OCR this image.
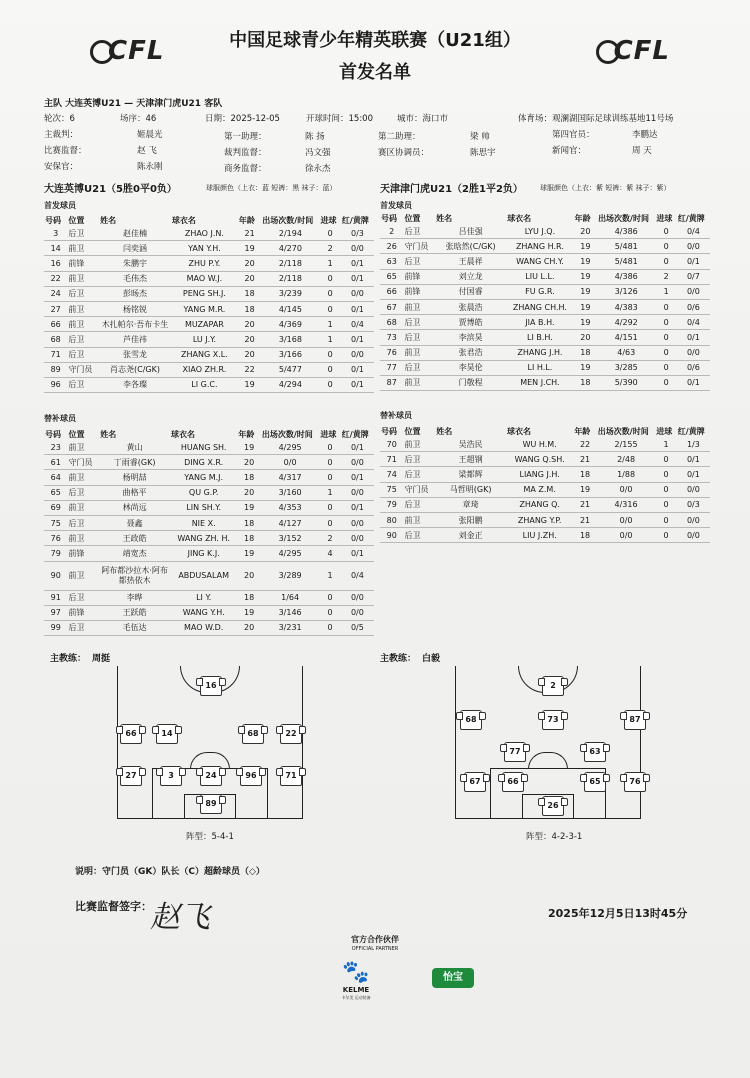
CFL	CFL
中国足球青少年精英联赛（U21组）
首发名单
主队 大连英博U21 — 天津津门虎U21 客队
轮次：6	场序：46	日期：2025-12-05	开球时间：15:00	城市：海口市	体育场：观澜湖国际足球训练基地11号场
主裁判：	姬晨光	第一助理：	陈 扬	第二助理：	梁 帅	第四官员：	李鹏达
比赛监督：	赵 飞	裁判监督：	冯文强	赛区协调员：	陈思宇	新闻官：	周 天
安保官：	陈永刚	商务监督：	徐永杰
大连英博U21（5胜0平0负）	球服颜色（上衣：蓝 短裤：黑 袜子：蓝）	天津津门虎U21（2胜1平2负） 球服颜色（上衣：紫 短裤：紫 袜子：紫）
首发球员	首发球员
号码	位置	姓名	球衣名	年龄	出场次数/时间	进球	红/黄牌
3	后卫	赵佳楠	ZHAO J.N.	21	2/194	0	0/3
14	前卫	闫奕涵	YAN Y.H.	19	4/270	2	0/0
16	前锋	朱鹏宇	ZHU P.Y.	20	2/118	1	0/1
22	前卫	毛伟杰	MAO W.J.	20	2/118	0	0/1
24	后卫	彭旸杰	PENG SH.J.	18	3/239	0	0/0
27	前卫	杨铭锐	YANG M.R.	18	4/145	0	0/1
66	前卫	木扎帕尔·吾布卡生	MUZAPAR	20	4/369	1	0/4
68	后卫	芦佳祎	LU J.Y.	20	3/168	1	0/1
71	后卫	张雪龙	ZHANG X.L.	20	3/166	0	0/0
89	守门员	肖志尧(C/GK)	XIAO ZH.R.	22	5/477	0	0/1
96	后卫	李各璨	LI G.C.	19	4/294	0	0/1
号码	位置	姓名	球衣名	年龄	出场次数/时间	进球	红/黄牌
2	后卫	吕佳强	LYU J.Q.	20	4/386	0	0/4
26	守门员	张晗然(C/GK)	ZHANG H.R.	19	5/481	0	0/0
63	后卫	王晨祥	WANG CH.Y.	19	5/481	0	0/1
65	前锋	刘立龙	LIU L.L.	19	4/386	2	0/7
66	前锋	付国睿	FU G.R.	19	3/126	1	0/0
67	前卫	张晨浩	ZHANG CH.H.	19	4/383	0	0/6
68	后卫	贾博皓	JIA B.H.	19	4/292	0	0/4
73	后卫	李滨昊	LI B.H.	20	4/151	0	0/1
76	前卫	张君浩	ZHANG J.H.	18	4/63	0	0/0
77	后卫	李昊伦	LI H.L.	19	3/285	0	0/6
87	前卫	门敬程	MEN J.CH.	18	5/390	0	0/1
替补球员	替补球员
号码	位置	姓名	球衣名	年龄	出场次数/时间	进球	红/黄牌
23	前卫	黄山	HUANG SH.	19	4/295	0	0/1
61	守门员	丁雨睿(GK)	DING X.R.	20	0/0	0	0/0
64	前卫	杨明喆	YANG M.J.	18	4/317	0	0/1
65	后卫	曲格平	QU G.P.	20	3/160	1	0/0
69	前卫	林尚远	LIN SH.Y.	19	4/353	0	0/1
75	后卫	聂鑫	NIE X.	18	4/127	0	0/0
76	前卫	王政皓	WANG ZH. H.	18	3/152	2	0/0
79	前锋	靖宽杰	JING K.J.	19	4/295	4	0/1
90	前卫	阿布都沙拉木·阿布都热依木	ABDUSALAM	20	3/289	1	0/4
91	后卫	李晔	LI Y.	18	1/64	0	0/0
97	前锋	王跃皓	WANG Y.H.	19	3/146	0	0/0
99	后卫	毛伍达	MAO W.D.	20	3/231	0	0/5
号码	位置	姓名	球衣名	年龄	出场次数/时间	进球	红/黄牌
70	前卫	吴浩民	WU H.M.	22	2/155	1	1/3
71	后卫	王超钢	WANG Q.SH.	21	2/48	0	0/1
74	后卫	梁都辉	LIANG J.H.	18	1/88	0	0/1
75	守门员	马哲明(GK)	MA Z.M.	19	0/0	0	0/0
79	后卫	章琦	ZHANG Q.	21	4/316	0	0/3
80	前卫	张阳鹏	ZHANG Y.P.	21	0/0	0	0/0
90	后卫	刘金正	LIU J.ZH.	18	0/0	0	0/0
主教练： 周挺	主教练： 白毅
16
66	14	68	22
27	3	24	96	71
89
阵型：5-4-1
2
68	73	87
77	63
67	66	65	76
26
阵型：4-2-3-1
说明：守门员（GK）队长（C）超龄球员（◇）
比赛监督签字：
赵飞	2025年12月5日13时45分
官方合作伙伴
OFFICIAL PARTNER
🐾
KELME
卡尔美 运动装备
怡宝
